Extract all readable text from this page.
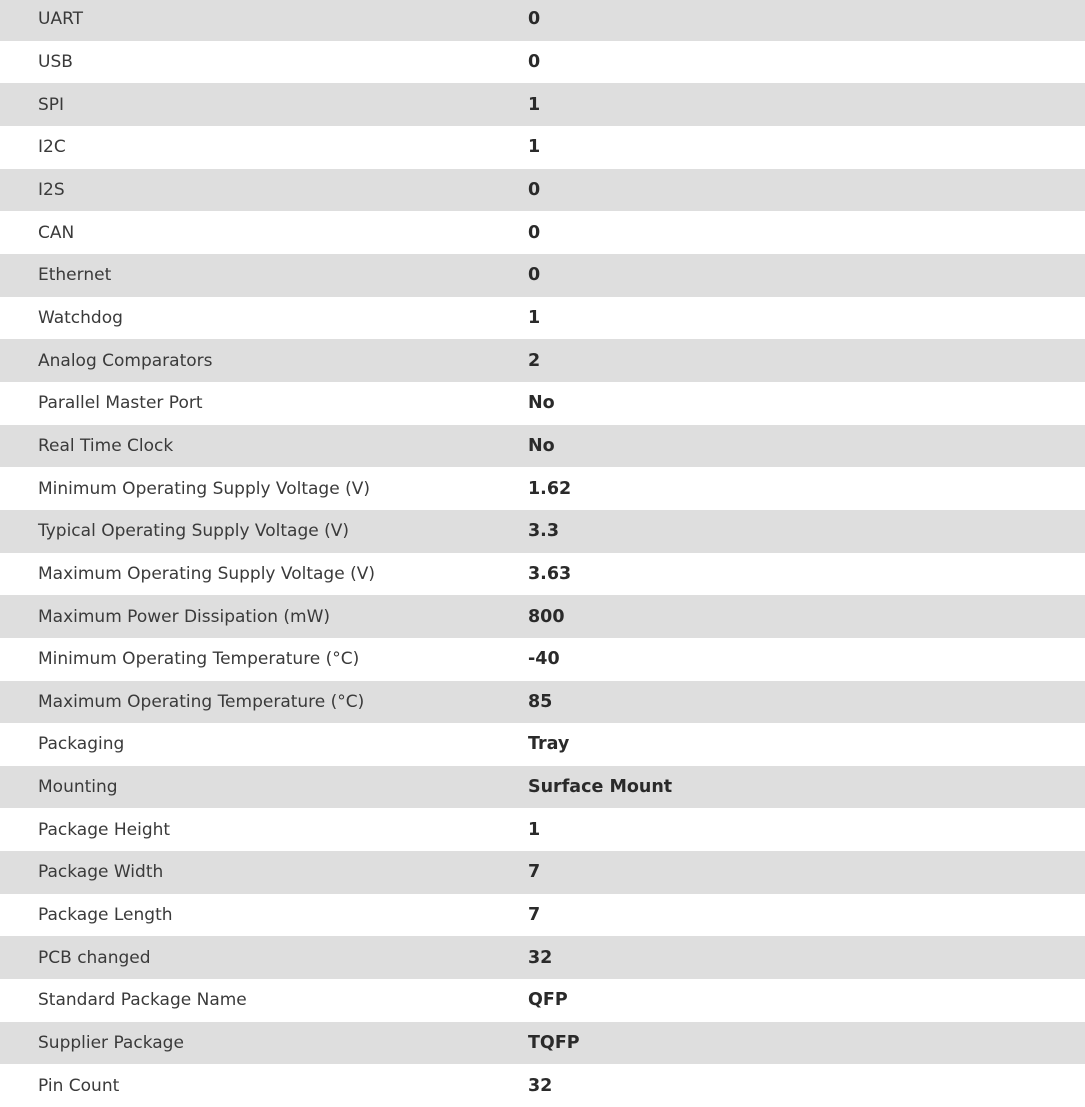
UART	0
USB	0
SPI	1
I2C	1
I2S	0
CAN	0
Ethernet	0
Watchdog	1
Analog Comparators	2
Parallel Master Port	No
Real Time Clock	No
Minimum Operating Supply Voltage (V)	1.62
Typical Operating Supply Voltage (V)	3.3
Maximum Operating Supply Voltage (V)	3.63
Maximum Power Dissipation (mW)	800
Minimum Operating Temperature (°C)	-40
Maximum Operating Temperature (°C)	85
Packaging	Tray
Mounting	Surface Mount
Package Height	1
Package Width	7
Package Length	7
PCB changed	32
Standard Package Name	QFP
Supplier Package	TQFP
Pin Count	32
